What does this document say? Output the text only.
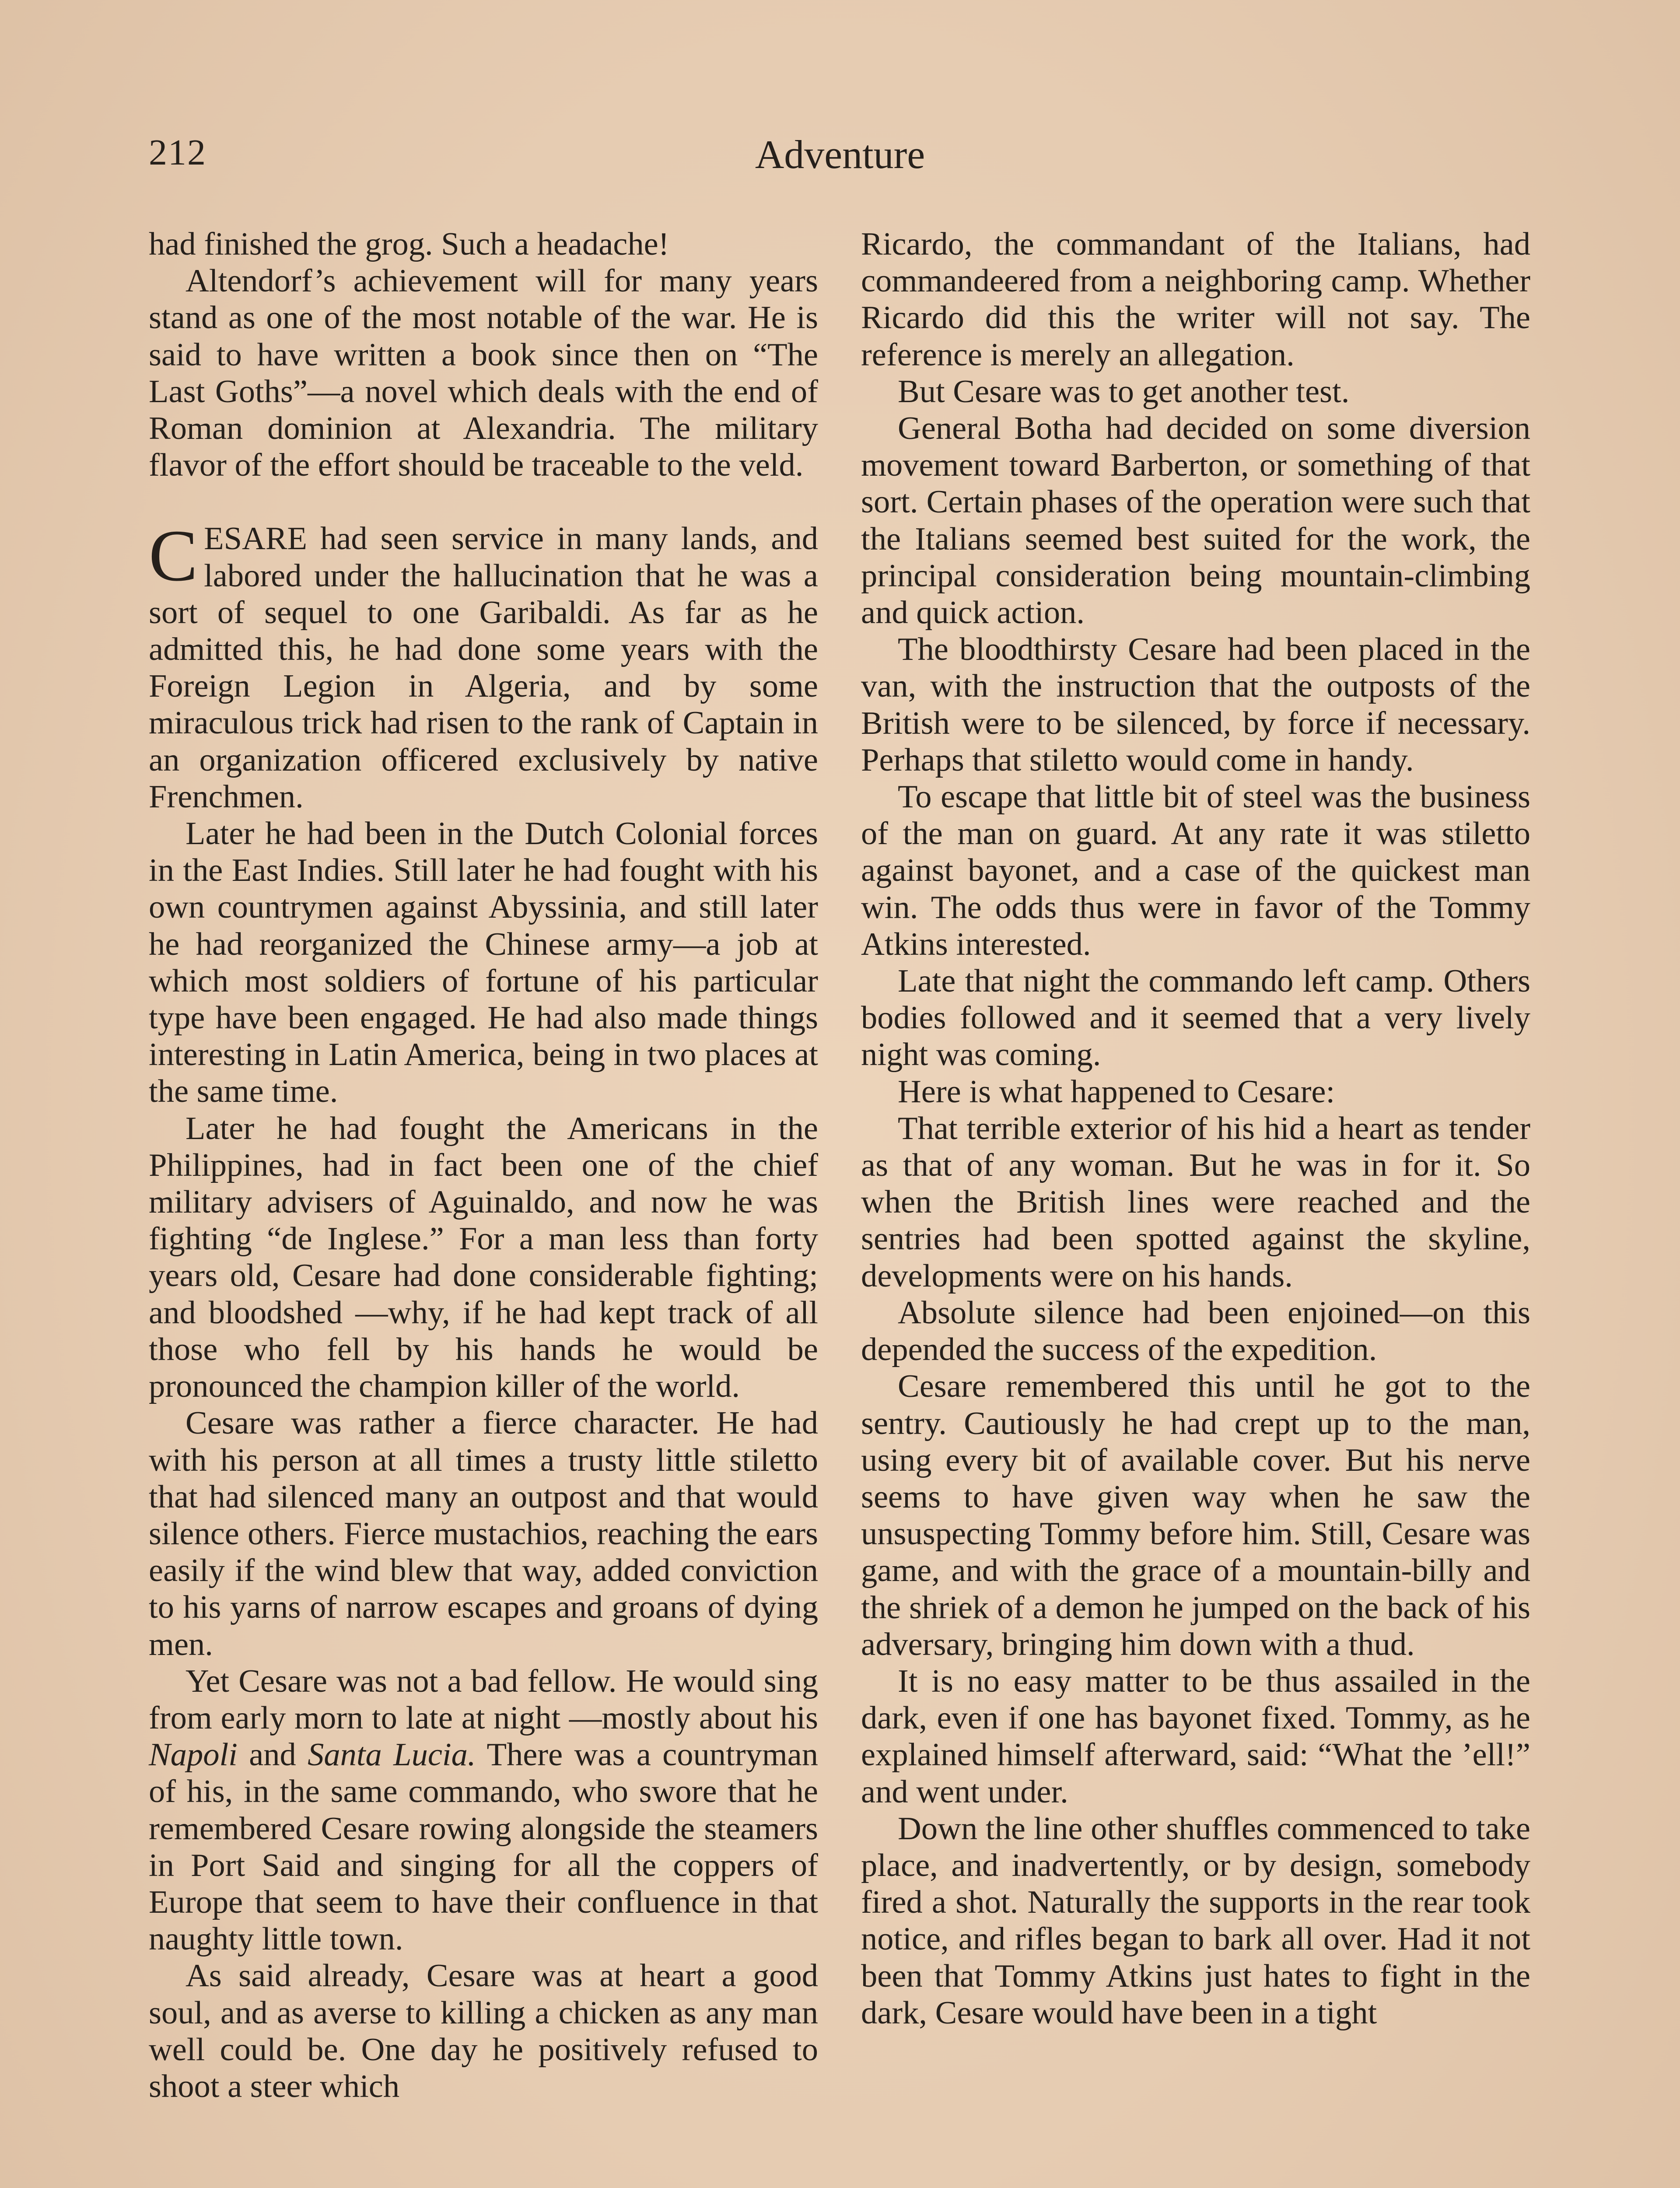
212	Adventure

had finished the grog. Such a headache!

Altendorf’s achievement will for many years stand as one of the most notable of the war. He is said to have written a book since then on “The Last Goths”—a novel which deals with the end of Roman dominion at Alexandria. The military flavor of the effort should be traceable to the veld.

CESARE had seen service in many lands, and labored under the hallucination that he was a sort of sequel to one Garibaldi. As far as he admitted this, he had done some years with the Foreign Legion in Algeria, and by some miraculous trick had risen to the rank of Captain in an organization officered exclusively by native Frenchmen.

Later he had been in the Dutch Colonial forces in the East Indies. Still later he had fought with his own countrymen against Abyssinia, and still later he had reorganized the Chinese army—a job at which most soldiers of fortune of his particular type have been engaged. He had also made things interesting in Latin America, being in two places at the same time.

Later he had fought the Americans in the Philippines, had in fact been one of the chief military advisers of Aguinaldo, and now he was fighting “de Inglese.” For a man less than forty years old, Cesare had done considerable fighting; and bloodshed —why, if he had kept track of all those who fell by his hands he would be pronounced the champion killer of the world.

Cesare was rather a fierce character. He had with his person at all times a trusty little stiletto that had silenced many an outpost and that would silence others. Fierce mustachios, reaching the ears easily if the wind blew that way, added conviction to his yarns of narrow escapes and groans of dying men.

Yet Cesare was not a bad fellow. He would sing from early morn to late at night —mostly about his Napoli and Santa Lucia. There was a countryman of his, in the same commando, who swore that he remembered Cesare rowing alongside the steamers in Port Said and singing for all the coppers of Europe that seem to have their confluence in that naughty little town.

As said already, Cesare was at heart a good soul, and as averse to killing a chicken as any man well could be. One day he positively refused to shoot a steer which

Ricardo, the commandant of the Italians, had commandeered from a neighboring camp. Whether Ricardo did this the writer will not say. The reference is merely an allegation.

But Cesare was to get another test.

General Botha had decided on some diversion movement toward Barberton, or something of that sort. Certain phases of the operation were such that the Italians seemed best suited for the work, the principal consideration being mountain-climbing and quick action.

The bloodthirsty Cesare had been placed in the van, with the instruction that the outposts of the British were to be silenced, by force if necessary. Perhaps that stiletto would come in handy.

To escape that little bit of steel was the business of the man on guard. At any rate it was stiletto against bayonet, and a case of the quickest man win. The odds thus were in favor of the Tommy Atkins interested.

Late that night the commando left camp. Others bodies followed and it seemed that a very lively night was coming.

Here is what happened to Cesare:

That terrible exterior of his hid a heart as tender as that of any woman. But he was in for it. So when the British lines were reached and the sentries had been spotted against the skyline, developments were on his hands.

Absolute silence had been enjoined—on this depended the success of the expedition.

Cesare remembered this until he got to the sentry. Cautiously he had crept up to the man, using every bit of available cover. But his nerve seems to have given way when he saw the unsuspecting Tommy before him. Still, Cesare was game, and with the grace of a mountain-billy and the shriek of a demon he jumped on the back of his adversary, bringing him down with a thud.

It is no easy matter to be thus assailed in the dark, even if one has bayonet fixed. Tommy, as he explained himself afterward, said: “What the ’ell!” and went under.

Down the line other shuffles commenced to take place, and inadvertently, or by design, somebody fired a shot. Naturally the supports in the rear took notice, and rifles began to bark all over. Had it not been that Tommy Atkins just hates to fight in the dark, Cesare would have been in a tight
